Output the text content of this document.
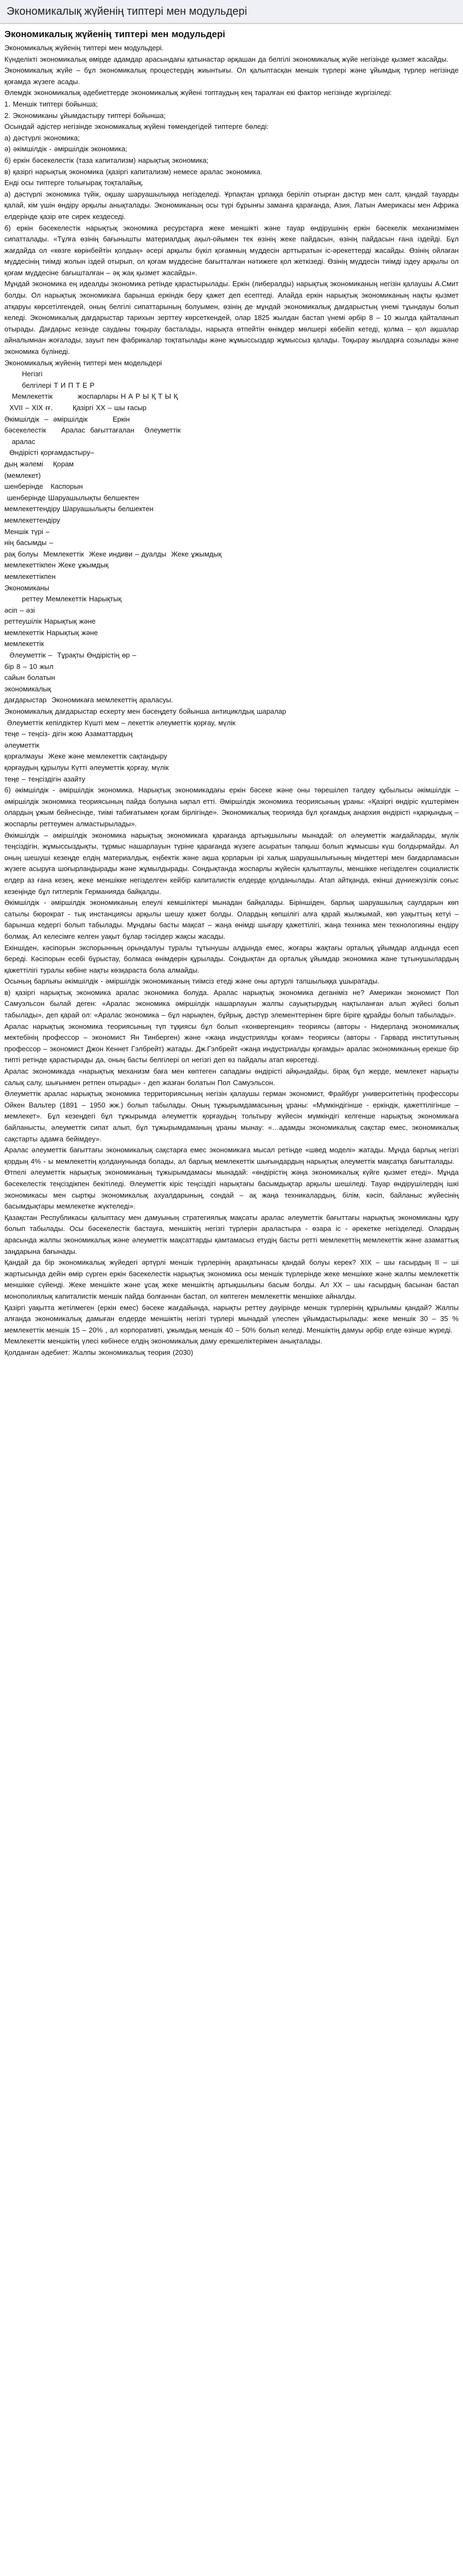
Экономикалық жүйенің типтері мен модульдері
Экономикалық жүйенің типтері мен модульдері

Экономикалық жүйенің типтері мен модульдері.

Күнделікті экономикалық өмірде адамдар арасындағы қатынастар әрқашан да белгілі экономикалық жүйе негізінде қызмет жасайды.

Экономикалық жүйе – бұл экономикалық процестердің жиынтығы. Ол қалыптасқан меншік түрлері және ұйымдық түрлер негізінде қоғамда жүзеге асады.

Әлемдік экономикалық әдебиеттерде экономикалық жүйені топтаудың кең таралған екі фактор негізінде жүргізіледі:

1. Меншік типтері бойынша;

2. Экономиканы ұйымдастыру типтері бойынша;

Осындай әдістер негізінде экономикалық жүйені төмендегідей типтерге бөледі:

а) дәстүрлі экономика;

ә) әкімшілдік - әміршілдік экономика;

б) еркін бәсекелестік (таза капитализм) нарықтық экономика;

в) қазіргі нарықтық экономика (қазіргі капитализм) немесе аралас экономика.

Енді осы типтерге толығырақ тоқталайық.

а) дәстүрлі экономика түйік, оқшау шаруашылыққа негізделеді. Ұрпақтан ұрпаққа беріліп отырған дәстүр мен салт, қандай тауарды қалай, кім үшін өндіру әрқылы анықталады. Экономиканың осы түрі бұрынғы заманға қарағанда, Азия, Латын Америкасы мен Африка елдерінде қазір өте сирек кездеседі.

б) еркін бәсекелестік нарықтық экономика ресурстарға жеке меншікті және тауар өндірушінің еркін бәсекелік механизмімен сипатталады. «Тұлға өзінің бағынышты материалдық ақыл-ойымен тек өзінің жеке пайдасын, өзінің пайдасын ғана іздейді. Бұл жағдайда ол «көзге көрінбейтін қолдың» әсері арқылы бүкіл қоғамның мүддесін арттыратын іс-әрекеттерді жасайды. Өзінің ойлаған мүддесінің тиімді жолын іздей отырып, ол қоғам мүддесіне бағытталған нәтижеге қол жеткізеді. Өзінің мүддесін тиімді іздеу арқылы ол қоғам мүддесіне бағышталған – әқ жақ қызмет жасайды».

Мұндай экономика ең идеалды экономика ретінде қарастырылады. Еркін (либералды) нарықтық экономиканың негізін қалаушы А.Смит болды. Ол нарықтық экономикаға барынша еркіндік беру қажет деп есептеді. Алайда еркін нарықтық экономиканың нақты қызмет атқаруы көрсетілгендей, оның белгілі сипаттарының болуымен, өзінің де мұндай экономикалық дағдарыстың үнемі тұындауы болып келеді. Экономикалық дағдарыстар тарихын зерттеу көрсеткендей, олар 1825 жылдан бастап үнемі әрбір 8 – 10 жылда қайталанып отырады. Дағдарыс кезінде сауданы тоқырау басталады, нарықта өтпейтін өнімдер мөлшері көбейіп кетеді, қолма – қол ақшалар айналымнан жоғалады, зауыт пен фабрикалар тоқтатылады және жұмыссыздар жұмыссыз қалады. Тоқырау жылдарға созылады және экономика бүлінеді.

Экономикалық жүйенің типтері мен модельдері

Негізгі
белгілері Т И П Т Е Р
Мемлекеттік          жоспарлары Н А Р Ы Қ Т Ы Қ
XVII – XIX ғғ.        Қазіргі XX – шы ғасыр
Әкімшілдік  –  әміршілдік          Еркін
бәсекелестік      Аралас  бағыттағалан    Әлеуметтік
аралас
Өндірісті қорғамдастыру–
дың жәлемі    Қорам
(мемлекет)
шенберінде   Каспорын
шенберінде Шаруашылықты белшектен
мемлекеттендіру Шаруашылықты белшектен
мемлекеттендіру
Меншік түрі –
нің басымды –
рақ болуы  Мемлекеттік  Жеке индиви – дуалды  Жеке ұжымдық
мемлекеттікпен Жеке ұжымдық
мемлекеттікпен
Экономиканы
реттеу Мемлекеттік Нарықтық
әсіп – әзі
реттеушілік Нарықтық және
мемлекеттік Нарықтық және
мемлекеттік
Әлеуметтік –  Тұрақты Өндірістің өр –
бір 8 – 10 жыл
сайын болатын
экономикалық
дағдарыстар  Экономикаға мемлекеттің араласуы.
Экономикалық дағдарыстар ескерту мен бәсеңдету бойынша антициклдық шаралар
Әлеуметтік кепілдіктер Күшті мем – лекеттік әлеуметтік қорғау, мүлік
теңе – теңсіз- дігін жою Азаматтардың
әлеуметтік
қорғалмауы  Жеке және мемлекеттік сақтандыру
қорғаудың құрылуы Күтті әлеуметтік қорғау, мүлік
теңе – теңсіздігін азайту

б) әкімшілдік - әміршілдік экономика. Нарықтық экономикадағы еркін бәсеке және оны төрешілеп тәлдеу құбылысы әкімшілдік – әміршілдік экономика теориясының пайда болуына ықпал етті. Әміршілдік экономика теориясының ұраны: «Қазіргі өндіріс күштерімен олардың ұжым бейнесінде, тиімі табиғатымен қоғам бірлігінде». Экономикалық теорияда бұл қоғамдық анархия өндірісті «қарқындық – жоспарлы реттеумен алмастырылады».

Әкімшілдік – әміршілдік экономика нарықтық экономикаға қарағанда артықшылығы мынадай: ол әлеуметтік жағдайларды, мүлік теңсіздігін, жұмыссыздықты, тұрмыс нашарлауын түріне қарағанда жүзеге асыратын тапқыш болып жұмысшы күш болдырмайды. Ал оның шешуші кезеңде елдің материалдық, еңбектік және ақша қорларын ірі халық шаруашылығының міндеттері мен бағдарламасын жүзеге асыруға шоғырландырады және жұмылдырады. Сондықтанда жоспарлы жүйесін қалыптаулы, меншікке негізделген социалистік елдер аз ғана кезең, жеке меншікке негізделген кейбір капиталистік елдерде қолданылады. Атап айтқанда, екінші дүниежүзілік соғыс кезеңінде бұл гитлерлік Германияда байқалды.

Әкімшілдік - әміршілдік экономиканың елеулі кемшіліктері мынадан байқалады. Біріншіден, барлық шаруашылық саулдарын көп сатылы бюрократ - тық инстанциясы арқылы шешу қажет болды. Олардың көпшілігі алға қарай жылжымай, көп уақыттың кетуі – барынша кедергі болып табылады. Мұндағы басты мақсат – жаңа өнімді шығару қажеттілігі, жаңа техника мен технологияны ендіру болмақ. Ал келесімге келген уақыт бұлар тәсілдер жақсы жасады.

Екіншіден, кәсіпорын экспорынның орындалуы туралы тұтынушы алдында емес, жоғары жақтағы орталық ұйымдар алдында есеп береді. Кәсіпорын есебі бұрыстау, болмаса өнімдерін құрылады. Сондықтан да орталық ұйымдар экономика жане тұтынушылардың қажеттілігі туралы көбіне нақты көзқараста бола алмайды.

Осының барлығы әкімшілдік - әміршілдік экономиканың тиімсіз етеді және оны артурлі тапшылыққа ұшыратады.

в) қазіргі нарықтық экономика аралас экономика болуда. Аралас нарықтық экономика деганіміз не? Американ экономист Пол Самуэльсон былай деген: «Аралас экономика әміршілдік нашарлауын жалпы сауықтырудың нақтыланған алып жүйесі болып табылады», деп қарай ол: «Аралас экономика – бұл нарықпен, бұйрық, дәстүр элементтерінен бірге біріге құрайды болып табылады».

Аралас нарықтық экономика теориясының түп тұқиясы бұл болып «конвергенция» теориясы (авторы - Нидерланд экономикалық мектебінің профессор – экономист Ян Тинберген) және «жаңа индустриялды қоғам» теориясы (авторы - Гарвард институтының профессор – экономист Джон Кеннет Гэлбрейт) жатады. Дж.Гэлбрейт «жаңа индустриалды қоғамды» аралас экономиканың ерекше бір типті ретінде қарастырады да, оның басты белгілері ол негізгі деп өз пайдалы атап көрсетеді.

Аралас экономикада «нарықтық механизм баға мен көптеген сападағы өндірісті айқындайды, бірақ бұл жерде, мемлекет нарықты салық салу, шығынмен ретпен отырады» - деп жазған болатын Пол Самуэльсон.

Әлеуметтік аралас нарықтық экономика территориясының негізін қалаушы герман экономист, Фрайбург университетінің профессоры Ойкен Вальтер (1891 – 1950 жж.) болып табылады. Оның тұжырымдамасының ұраны: «Мүмкіндігінше - еркіндік, қажеттілігінше – мемлекет». Бұл кезеңдегі бұл тұжырымда әлеуметтік қорғаудың тольтыру жүйесін мүмкіндігі келгенше нарықтық экономикаға байланысты, әлеуметтік сипат алып, бұл тұжырымдаманың ұраны мынау: «…адамды экономикалық сақстар емес, экономикалық сақстарты адамға бейімдеу».

Аралас әлеуметтік бағыттағы экономикалық сақстарға емес экономикаға мысал ретінде «швед моделі» жатады. Мұнда барлық негізгі қордың 4% - ы мемлекеттің қолданунында болады, ал барлық мемлекеттік шығындардың нарықтық әлеуметтік мақсатқа бағытталады.

Өтпелі әлеуметтік нарықтық экономиканың тұжырымдамасы мынадай: «өндірістің жәңа экономикалық күйге қызмет етеді». Мұнда бәсекелестік теңсіздікпен бекітіледі. Әлеуметтік кіріс теңсіздігі нарықтағы басымдықтар арқылы шешіледі. Тауар өндірушілердің ішкі экономикасы мен сыртқы экономикалық ахуалдарының, сондай – ақ жаңа техникалардың, білім, кәсіп, байланыс жүйесінің басымдықтары мемлекетке жүктеледі».

Қазақстан Республикасы қалыптасу мен дамуының стратегиялық мақсаты аралас әлеуметтік бағыттағы нарықтық экономиканы құру болып табылады. Осы бәсекелестік бастауға, меншіктің негізгі түрлерін араластыра - өзара іс - әрекетке негізделеді. Олардың арасында жалпы экономикалық және әлеуметтік мақсаттарды қамтамасыз етудің басты ретті мемлекеттің мемлекеттік және азаматтық заңдарына бағынады.

Қандай да бір экономикалық жүйедегі әртүрлі меншік түрлерінің арақатынасы қандай болуы керек? XIX – шы ғасырдың II – ші жартысында дейін өмір сүрген еркін бәсекелестік нарықтық экономика осы меншік түрлерінде жеке меншікке және жалпы мемлекеттік меншікке сүйенді. Жеке меншікте және ұсақ жеке меншіктің артықшылығы басым болды. Ал ХХ – шы ғасырдың басынан бастап монополиялық капиталистік меншік пайда болғаннан бастап, ол көптеген мемлекеттік меншікке айналды.

Қазіргі уақытта жетілмеген (еркін емес) бәсеке жағдайында, нарықты реттеу дәуірінде меншік түрлерінің құрылымы қандай? Жалпы алғанда экономикалық дамыған елдерде меншіктің негізгі түрлері мынадай үлеспен ұйымдастырылады: жеке меншік 30 – 35 % мемлекеттік меншік 15 – 20% , ал корпоративті, ұжымдық меншік 40 – 50% болып келеді. Меншіктің дамуы әрбір елде өзінше жүреді.

Мемлекеттік меншіктің үлесі көбінесе елдің экономикалық даму ерекшеліктерімен анықталады.

Қолданған әдебиет: Жалпы экономикалық теория (2030)
